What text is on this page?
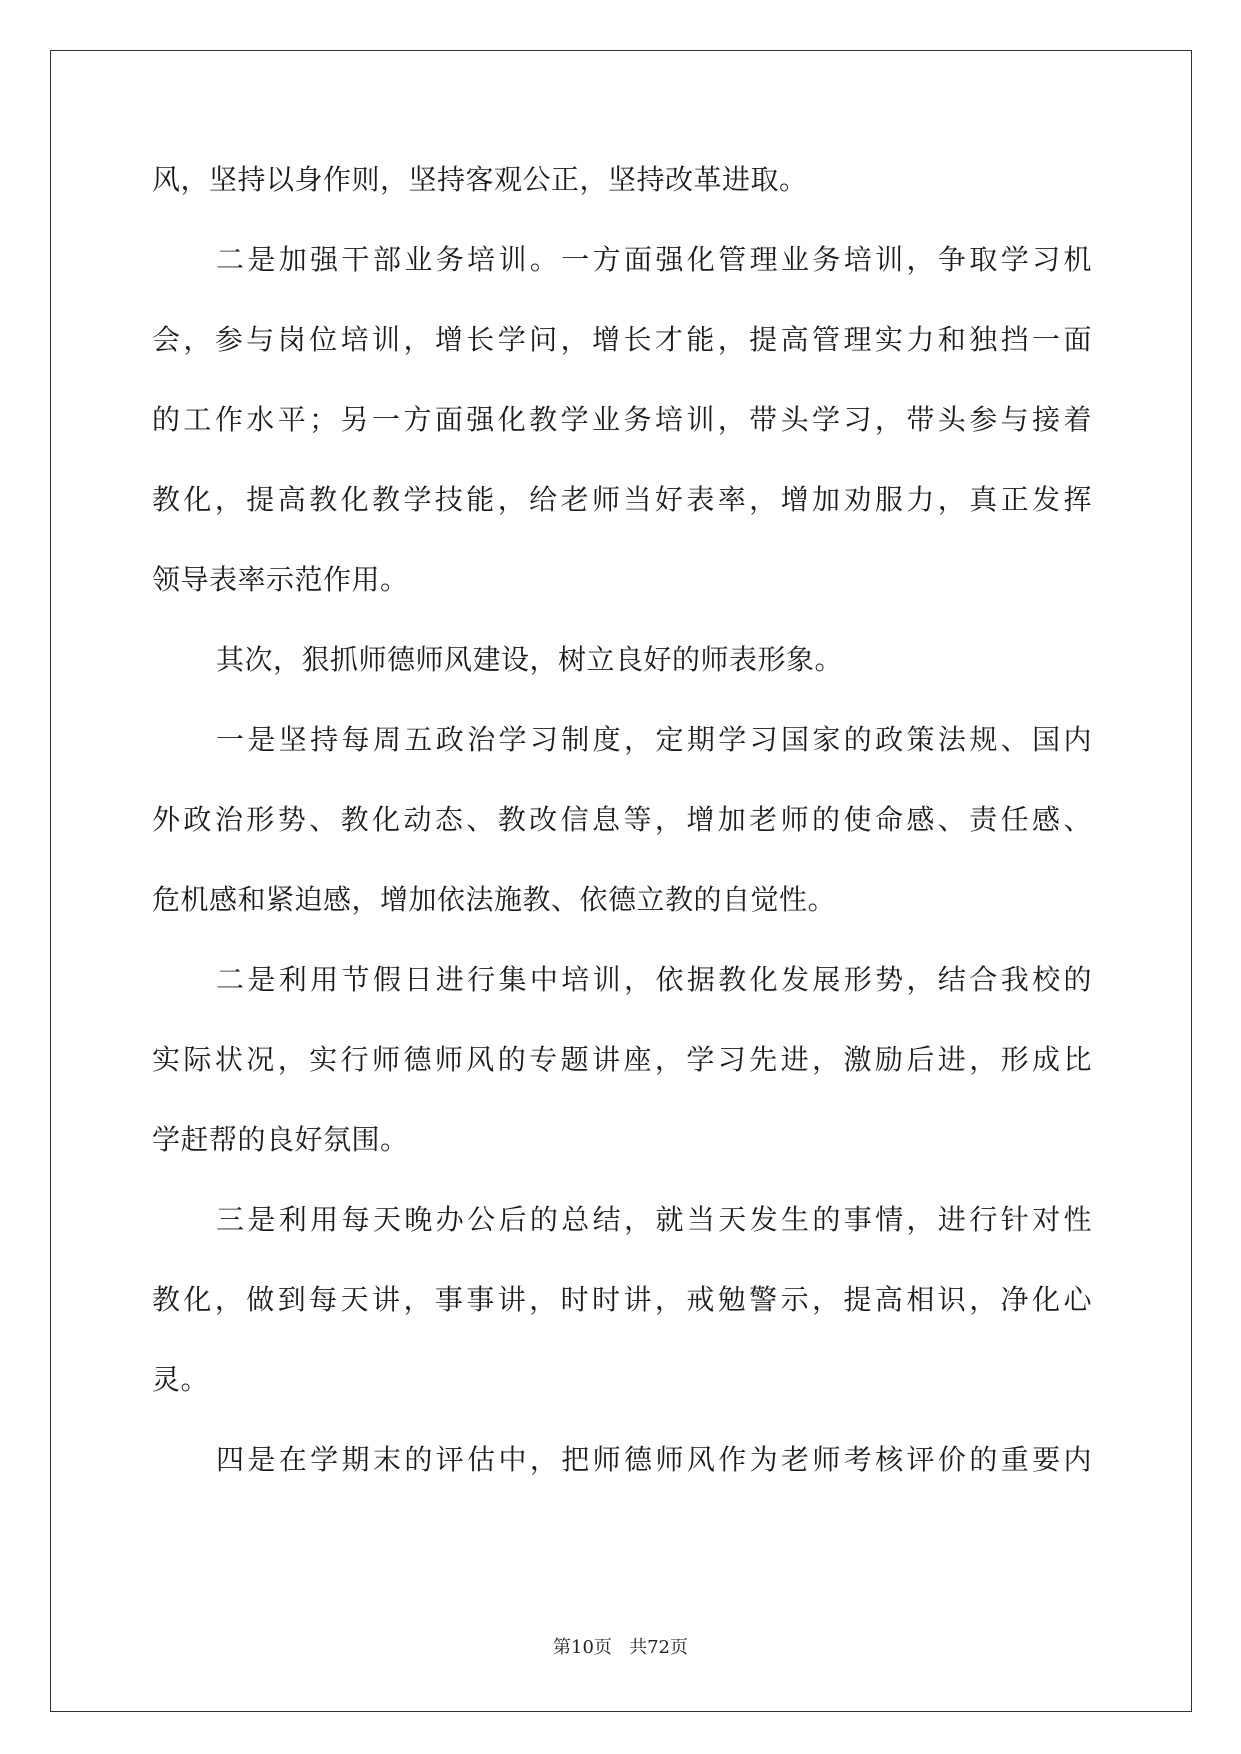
风，坚持以身作则，坚持客观公正，坚持改革进取。
二是加强干部业务培训。一方面强化管理业务培训，争取学习机
会，参与岗位培训，增长学问，增长才能，提高管理实力和独挡一面
的工作水平；另一方面强化教学业务培训，带头学习，带头参与接着
教化，提高教化教学技能，给老师当好表率，增加劝服力，真正发挥
领导表率示范作用。
其次，狠抓师德师风建设，树立良好的师表形象。
一是坚持每周五政治学习制度，定期学习国家的政策法规、国内
外政治形势、教化动态、教改信息等，增加老师的使命感、责任感、
危机感和紧迫感，增加依法施教、依德立教的自觉性。
二是利用节假日进行集中培训，依据教化发展形势，结合我校的
实际状况，实行师德师风的专题讲座，学习先进，激励后进，形成比
学赶帮的良好氛围。
三是利用每天晚办公后的总结，就当天发生的事情，进行针对性
教化，做到每天讲，事事讲，时时讲，戒勉警示，提高相识，净化心
灵。
四是在学期末的评估中，把师德师风作为老师考核评价的重要内
第10页 共72页
